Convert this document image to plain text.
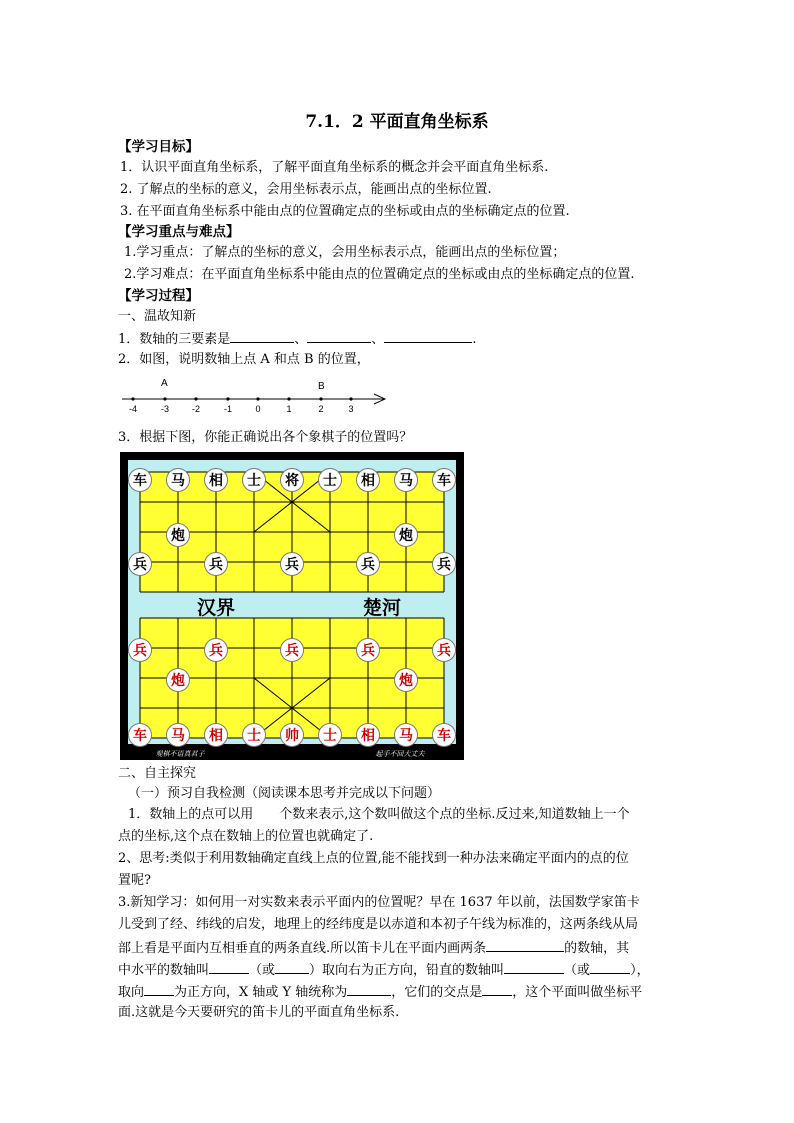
7.1．2 平面直角坐标系
【学习目标】
1．认识平面直角坐标系，了解平面直角坐标系的概念并会平面直角坐标系.
2. 了解点的坐标的意义，会用坐标表示点，能画出点的坐标位置.
3. 在平面直角坐标系中能由点的位置确定点的坐标或由点的坐标确定点的位置.
【学习重点与难点】
1.学习重点：了解点的坐标的意义，会用坐标表示点，能画出点的坐标位置；
2.学习难点：在平面直角坐标系中能由点的位置确定点的坐标或由点的坐标确定点的位置.
【学习过程】
一、温故知新
1．数轴的三要素是	、	、	.
2．如图，说明数轴上点 A 和点 B 的位置，
-4	-3	-2	-1	0	1	2	3
A	B
3．根据下图，你能正确说出各个象棋子的位置吗？
汉界	楚河
车 马 相 士 将 士 相 马 车
炮	炮
兵	兵	兵	兵	兵
兵	兵	兵	兵	兵
炮	炮
车 马 相 士 帅 士 相 马 车
观棋不语真君子	起手不回大丈夫
二、自主探究
（一）预习自我检测（阅读课本思考并完成以下问题）
1．数轴上的点可以用　　个数来表示,这个数叫做这个点的坐标.反过来,知道数轴上一个
点的坐标,这个点在数轴上的位置也就确定了.
2、思考:类似于利用数轴确定直线上点的位置,能不能找到一种办法来确定平面内的点的位
置呢?
3.新知学习：如何用一对实数来表示平面内的位置呢？早在 1637 年以前，法国数学家笛卡
儿受到了经、纬线的启发，地理上的经纬度是以赤道和本初子午线为标准的，这两条线从局
部上看是平面内互相垂直的两条直线.所以笛卡儿在平面内画两条	的数轴，其
中水平的数轴叫	（或	）取向右为正方向，铅直的数轴叫	（或	），
取向 为正方向，X 轴或 Y 轴统称为	，它们的交点是 ，这个平面叫做坐标平
面.这就是今天要研究的笛卡儿的平面直角坐标系.
